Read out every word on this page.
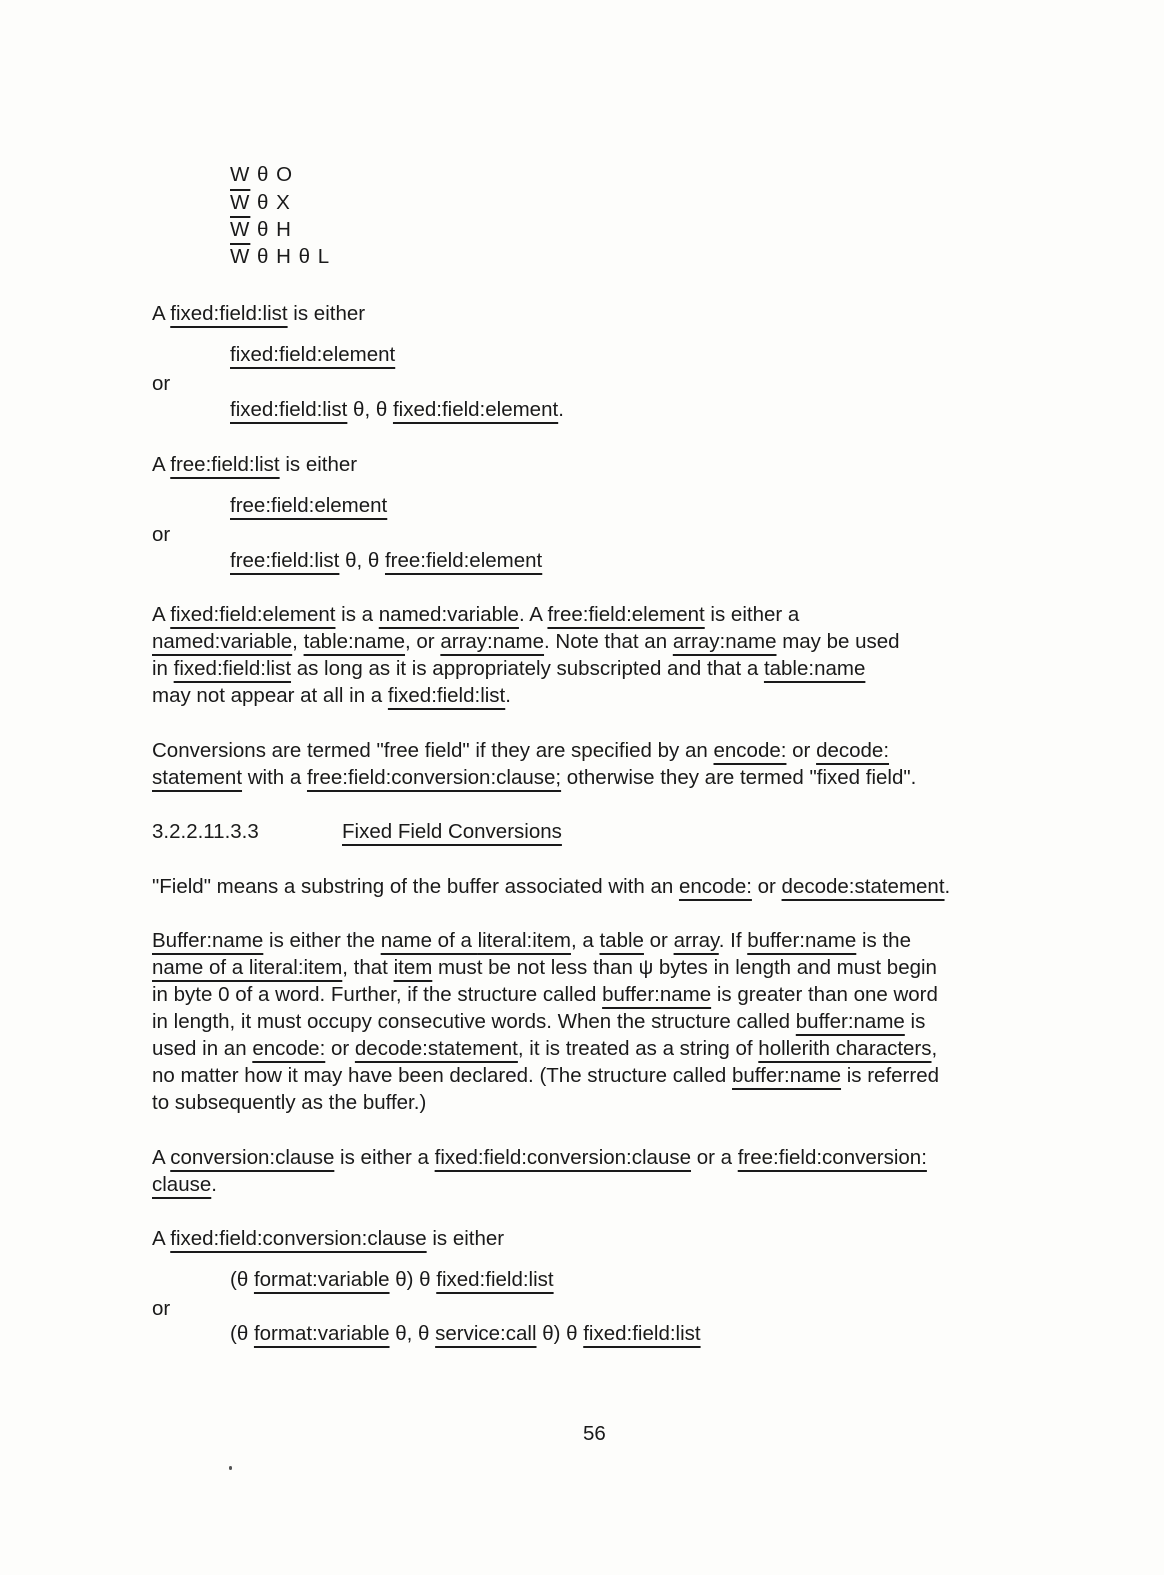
W θ O
$\overline{W}$ θ X
$\overline{W}$ θ H
$\overline{W}$ θ H θ L
A fixed:field:list is either
fixed:field:element
or
fixed:field:list θ, θ fixed:field:element.
A free:field:list is either
free:field:element
or
free:field:list θ, θ free:field:element
A fixed:field:element is a named:variable. A free:field:element is either a
named:variable, table:name, or array:name. Note that an array:name may be used
in fixed:field:list as long as it is appropriately subscripted and that a table:name
may not appear at all in a fixed:field:list.
Conversions are termed "free field" if they are specified by an encode: or decode:
statement with a free:field:conversion:clause; otherwise they are termed "fixed field".
3.2.2.11.3.3	Fixed Field Conversions
"Field" means a substring of the buffer associated with an encode: or decode:statement.
Buffer:name is either the name of a literal:item, a table or array. If buffer:name is the
name of a literal:item, that item must be not less than ψ bytes in length and must begin
in byte 0 of a word. Further, if the structure called buffer:name is greater than one word
in length, it must occupy consecutive words. When the structure called buffer:name is
used in an encode: or decode:statement, it is treated as a string of hollerith characters,
no matter how it may have been declared. (The structure called buffer:name is referred
to subsequently as the buffer.)
A conversion:clause is either a fixed:field:conversion:clause or a free:field:conversion:
clause.
A fixed:field:conversion:clause is either
(θ format:variable θ) θ fixed:field:list
or
(θ format:variable θ, θ service:call θ) θ fixed:field:list
56
